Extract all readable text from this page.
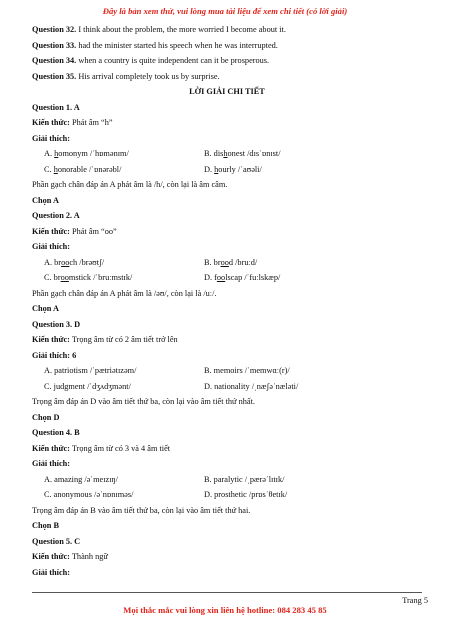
Đây là bản xem thử, vui lòng mua tài liệu để xem chi tiết (có lời giải)
Question 32. I think about the problem, the more worried I become about it.
Question 33. had the minister started his speech when he was interrupted.
Question 34. when a country is quite independent can it be prosperous.
Question 35. His arrival completely took us by surprise.
LỜI GIẢI CHI TIẾT
Question 1. A
Kiến thức: Phát âm “h”
Giải thích:
A. homonym /ˈhɒmənɪm/	B. dishonest /dɪsˈɒnɪst/
C. honorable /ˈɒnərəbl/	D. hourly /ˈaʊəli/
Phần gạch chân đáp án A phát âm là /h/, còn lại là âm câm.
Chọn A
Question 2. A
Kiến thức: Phát âm “oo”
Giải thích:
A. brooch /brəʊtʃ/	B. brood /bruːd/
C. broomstick /ˈbruːmstɪk/	D. foolscap /ˈfuːlskæp/
Phần gạch chân đáp án A phát âm là /əʊ/, còn lại là /uː/.
Chọn A
Question 3. D
Kiến thức: Trọng âm từ có 2 âm tiết trở lên
Giải thích: 6
A. patriotism /ˈpætriətɪzəm/	B. memoirs /ˈmemwɑː(r)/
C. judgment /ˈdʒʌdʒmənt/	D. nationality /ˌnæʃəˈnæləti/
Trọng âm đáp án D vào âm tiết thứ ba, còn lại vào âm tiết thứ nhất.
Chọn D
Question 4. B
Kiến thức: Trọng âm từ có 3 và 4 âm tiết
Giải thích:
A. amazing /əˈmeɪzɪŋ/	B. paralytic /ˌpærəˈlɪtɪk/
C. anonymous /əˈnɒnɪməs/	D. prosthetic /prɒsˈθetɪk/
Trọng âm đáp án B vào âm tiết thứ ba, còn lại vào âm tiết thứ hai.
Chọn B
Question 5. C
Kiến thức: Thành ngữ
Giải thích:
Trang 5
Mọi thắc mắc vui lòng xin liên hệ hotline: 084 283 45 85
